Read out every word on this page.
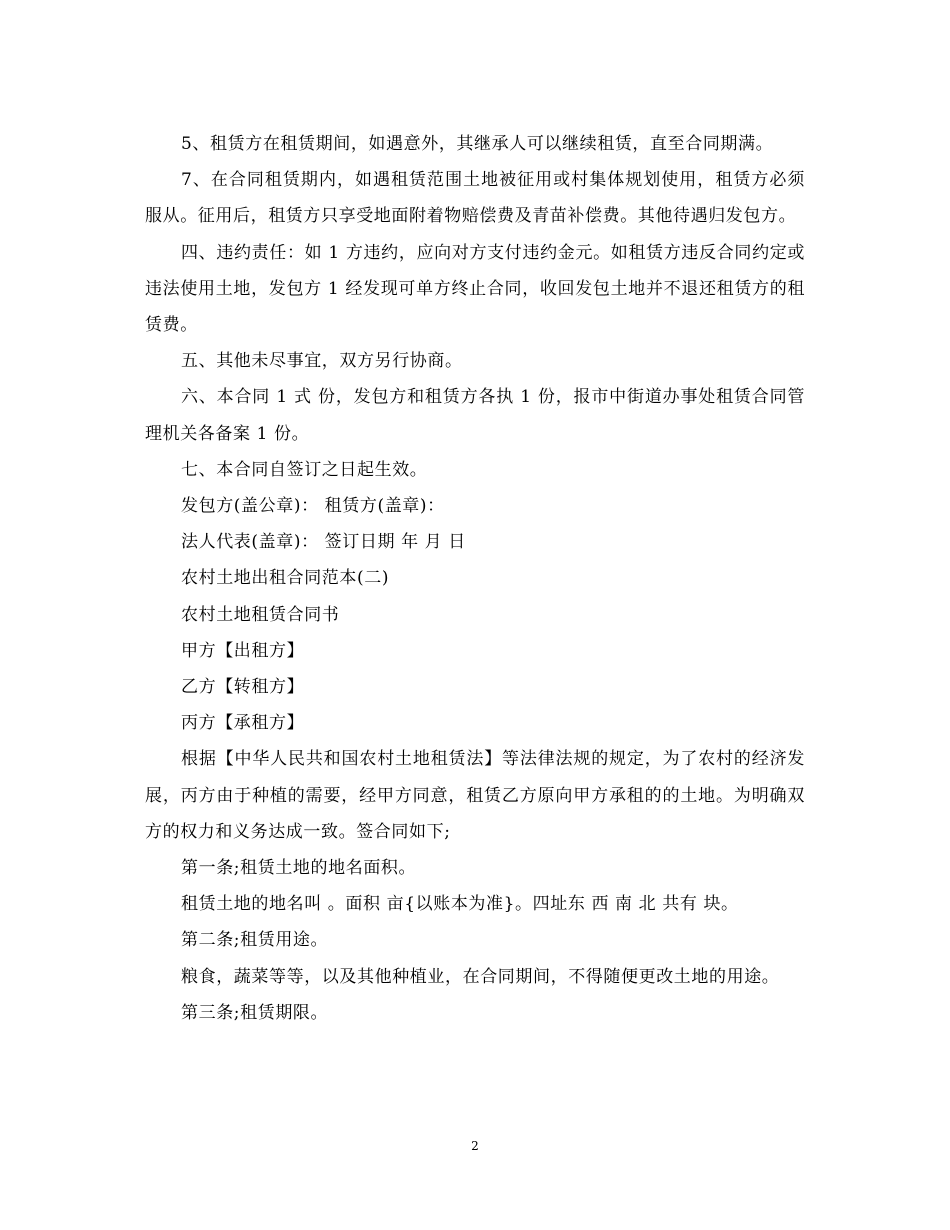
5、租赁方在租赁期间，如遇意外，其继承人可以继续租赁，直至合同期满。

7、在合同租赁期内，如遇租赁范围土地被征用或村集体规划使用，租赁方必须服从。征用后，租赁方只享受地面附着物赔偿费及青苗补偿费。其他待遇归发包方。

四、违约责任：如 1 方违约，应向对方支付违约金元。如租赁方违反合同约定或违法使用土地，发包方 1 经发现可单方终止合同，收回发包土地并不退还租赁方的租赁费。

五、其他未尽事宜，双方另行协商。

六、本合同 1 式 份，发包方和租赁方各执 1 份，报市中街道办事处租赁合同管理机关各备案 1 份。

七、本合同自签订之日起生效。

发包方(盖公章)： 租赁方(盖章)：

法人代表(盖章)： 签订日期 年 月 日

农村土地出租合同范本(二)

农村土地租赁合同书

甲方【出租方】

乙方【转租方】

丙方【承租方】

根据【中华人民共和国农村土地租赁法】等法律法规的规定，为了农村的经济发展，丙方由于种植的需要，经甲方同意，租赁乙方原向甲方承租的的土地。为明确双方的权力和义务达成一致。签合同如下;

第一条;租赁土地的地名面积。

租赁土地的地名叫 。面积 亩{以账本为准}。四址东 西 南 北 共有 块。

第二条;租赁用途。

粮食，蔬菜等等，以及其他种植业，在合同期间，不得随便更改土地的用途。

第三条;租赁期限。

2
